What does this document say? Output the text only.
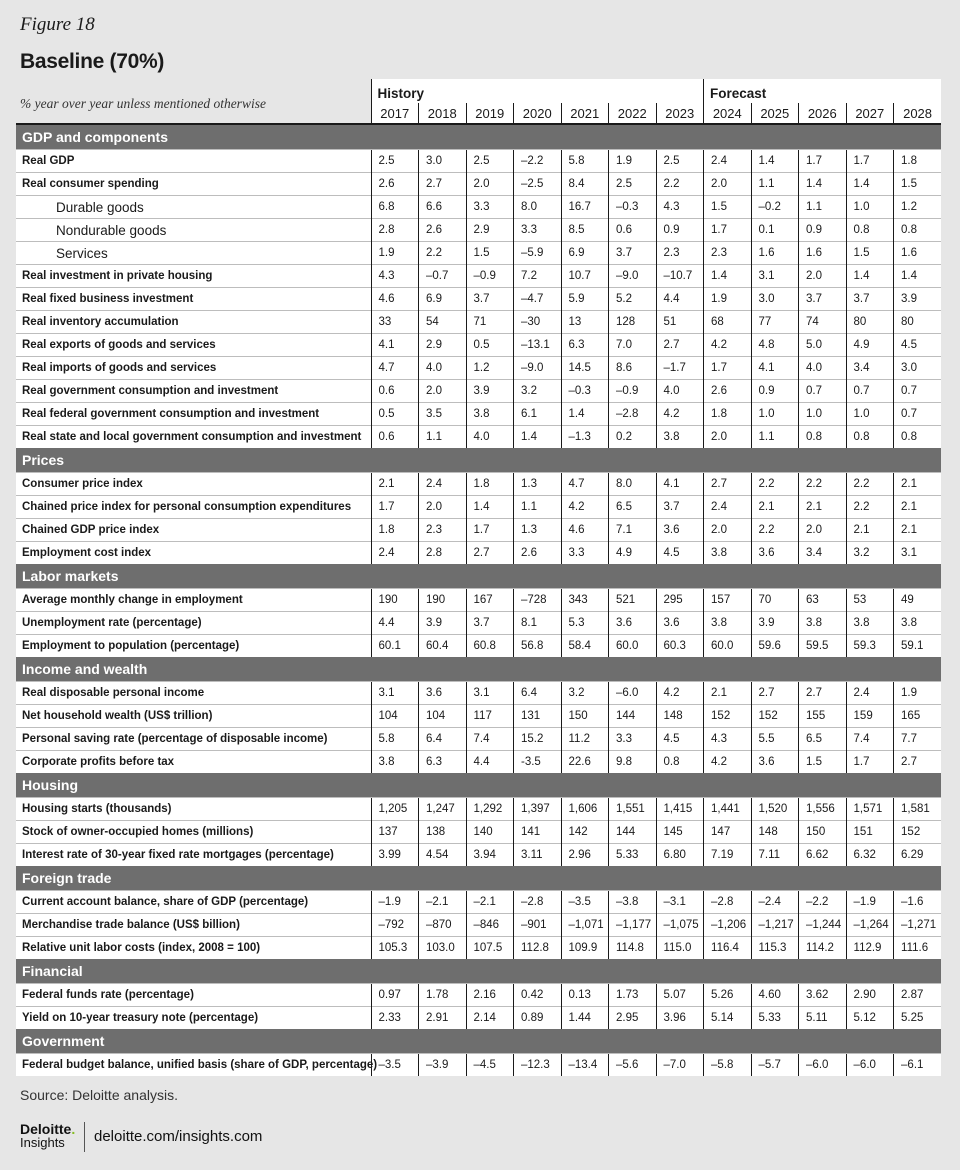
Figure 18
Baseline (70%)
% year over year unless mentioned otherwise
	History							Forecast				
	2017	2018	2019	2020	2021	2022	2023	2024	2025	2026	2027	2028
GDP and components												
Real GDP	2.5	3.0	2.5	–2.2	5.8	1.9	2.5	2.4	1.4	1.7	1.7	1.8
Real consumer spending	2.6	2.7	2.0	–2.5	8.4	2.5	2.2	2.0	1.1	1.4	1.4	1.5
Durable goods	6.8	6.6	3.3	8.0	16.7	–0.3	4.3	1.5	–0.2	1.1	1.0	1.2
Nondurable goods	2.8	2.6	2.9	3.3	8.5	0.6	0.9	1.7	0.1	0.9	0.8	0.8
Services	1.9	2.2	1.5	–5.9	6.9	3.7	2.3	2.3	1.6	1.6	1.5	1.6
Real investment in private housing	4.3	–0.7	–0.9	7.2	10.7	–9.0	–10.7	1.4	3.1	2.0	1.4	1.4
Real fixed business investment	4.6	6.9	3.7	–4.7	5.9	5.2	4.4	1.9	3.0	3.7	3.7	3.9
Real inventory accumulation	33	54	71	–30	13	128	51	68	77	74	80	80
Real exports of goods and services	4.1	2.9	0.5	–13.1	6.3	7.0	2.7	4.2	4.8	5.0	4.9	4.5
Real imports of goods and services	4.7	4.0	1.2	–9.0	14.5	8.6	–1.7	1.7	4.1	4.0	3.4	3.0
Real government consumption and investment	0.6	2.0	3.9	3.2	–0.3	–0.9	4.0	2.6	0.9	0.7	0.7	0.7
Real federal government consumption and investment	0.5	3.5	3.8	6.1	1.4	–2.8	4.2	1.8	1.0	1.0	1.0	0.7
Real state and local government consumption and investment	0.6	1.1	4.0	1.4	–1.3	0.2	3.8	2.0	1.1	0.8	0.8	0.8
Prices												
Consumer price index	2.1	2.4	1.8	1.3	4.7	8.0	4.1	2.7	2.2	2.2	2.2	2.1
Chained price index for personal consumption expenditures	1.7	2.0	1.4	1.1	4.2	6.5	3.7	2.4	2.1	2.1	2.2	2.1
Chained GDP price index	1.8	2.3	1.7	1.3	4.6	7.1	3.6	2.0	2.2	2.0	2.1	2.1
Employment cost index	2.4	2.8	2.7	2.6	3.3	4.9	4.5	3.8	3.6	3.4	3.2	3.1
Labor markets												
Average monthly change in employment	190	190	167	–728	343	521	295	157	70	63	53	49
Unemployment rate (percentage)	4.4	3.9	3.7	8.1	5.3	3.6	3.6	3.8	3.9	3.8	3.8	3.8
Employment to population (percentage)	60.1	60.4	60.8	56.8	58.4	60.0	60.3	60.0	59.6	59.5	59.3	59.1
Income and wealth												
Real disposable personal income	3.1	3.6	3.1	6.4	3.2	–6.0	4.2	2.1	2.7	2.7	2.4	1.9
Net household wealth (US$ trillion)	104	104	117	131	150	144	148	152	152	155	159	165
Personal saving rate (percentage of disposable income)	5.8	6.4	7.4	15.2	11.2	3.3	4.5	4.3	5.5	6.5	7.4	7.7
Corporate profits before tax	3.8	6.3	4.4	-3.5	22.6	9.8	0.8	4.2	3.6	1.5	1.7	2.7
Housing												
Housing starts (thousands)	1,205	1,247	1,292	1,397	1,606	1,551	1,415	1,441	1,520	1,556	1,571	1,581
Stock of owner-occupied homes (millions)	137	138	140	141	142	144	145	147	148	150	151	152
Interest rate of 30-year fixed rate mortgages (percentage)	3.99	4.54	3.94	3.11	2.96	5.33	6.80	7.19	7.11	6.62	6.32	6.29
Foreign trade												
Current account balance, share of GDP (percentage)	–1.9	–2.1	–2.1	–2.8	–3.5	–3.8	–3.1	–2.8	–2.4	–2.2	–1.9	–1.6
Merchandise trade balance (US$ billion)	–792	–870	–846	–901	–1,071	–1,177	–1,075	–1,206	–1,217	–1,244	–1,264	–1,271
Relative unit labor costs (index, 2008 = 100)	105.3	103.0	107.5	112.8	109.9	114.8	115.0	116.4	115.3	114.2	112.9	111.6
Financial												
Federal funds rate (percentage)	0.97	1.78	2.16	0.42	0.13	1.73	5.07	5.26	4.60	3.62	2.90	2.87
Yield on 10-year treasury note (percentage)	2.33	2.91	2.14	0.89	1.44	2.95	3.96	5.14	5.33	5.11	5.12	5.25
Government												
Federal budget balance, unified basis (share of GDP, percentage)	–3.5	–3.9	–4.5	–12.3	–13.4	–5.6	–7.0	–5.8	–5.7	–6.0	–6.0	–6.1
Source: Deloitte analysis.
Deloitte.
Insights	deloitte.com/insights.com
